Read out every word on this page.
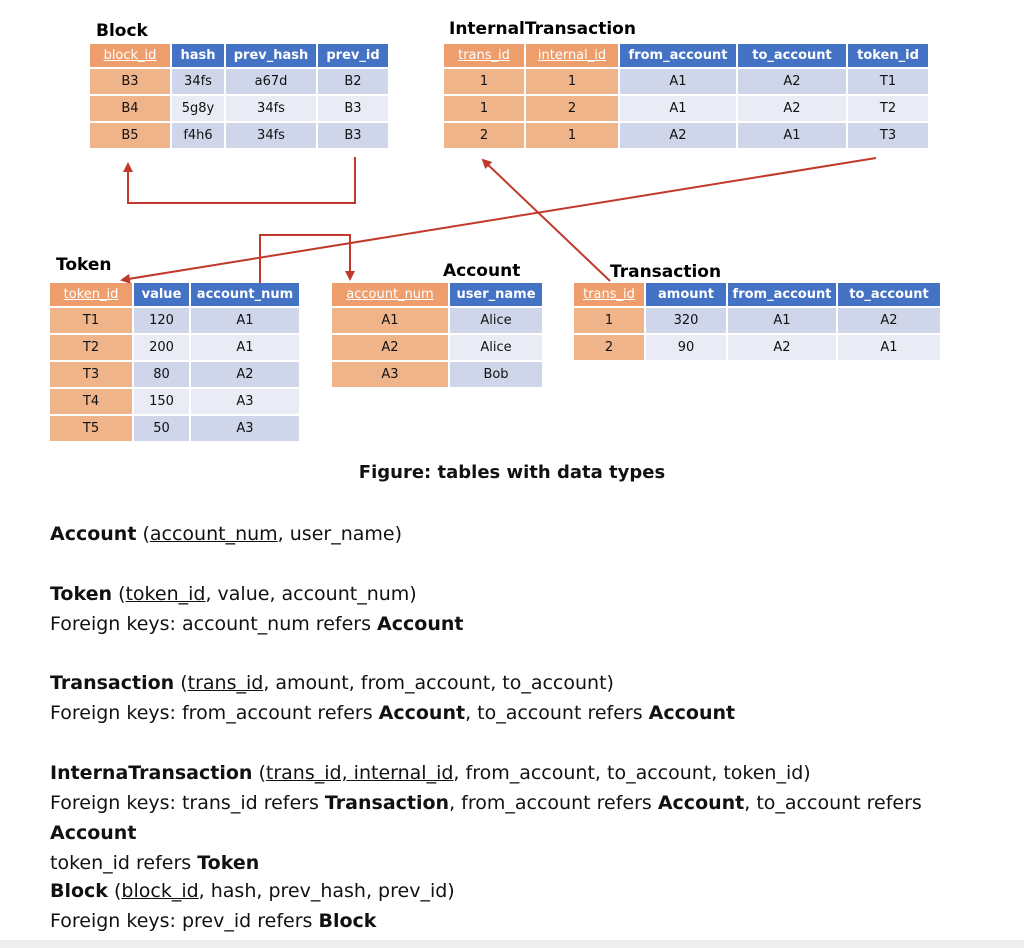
Block	InternalTransaction
Token	Account	Transaction
block_id	hash	prev_hash	prev_id
B3	34fs	a67d	B2
B4	5g8y	34fs	B3
B5	f4h6	34fs	B3
trans_id	internal_id	from_account	to_account	token_id
1	1	A1	A2	T1
1	2	A1	A2	T2
2	1	A2	A1	T3
token_id	value	account_num
T1	120	A1
T2	200	A1
T3	80	A2
T4	150	A3
T5	50	A3
account_num	user_name
A1	Alice
A2	Alice
A3	Bob
trans_id	amount	from_account	to_account
1	320	A1	A2
2	90	A2	A1
Figure: tables with data types
Account (account_num, user_name)
Token (token_id, value, account_num)
Foreign keys: account_num refers Account
Transaction (trans_id, amount, from_account, to_account)
Foreign keys: from_account refers Account, to_account refers Account
InternaTransaction (trans_id, internal_id, from_account, to_account, token_id)
Foreign keys: trans_id refers Transaction, from_account refers Account, to_account refers Account
token_id refers Token
Block (block_id, hash, prev_hash, prev_id)
Foreign keys: prev_id refers Block
